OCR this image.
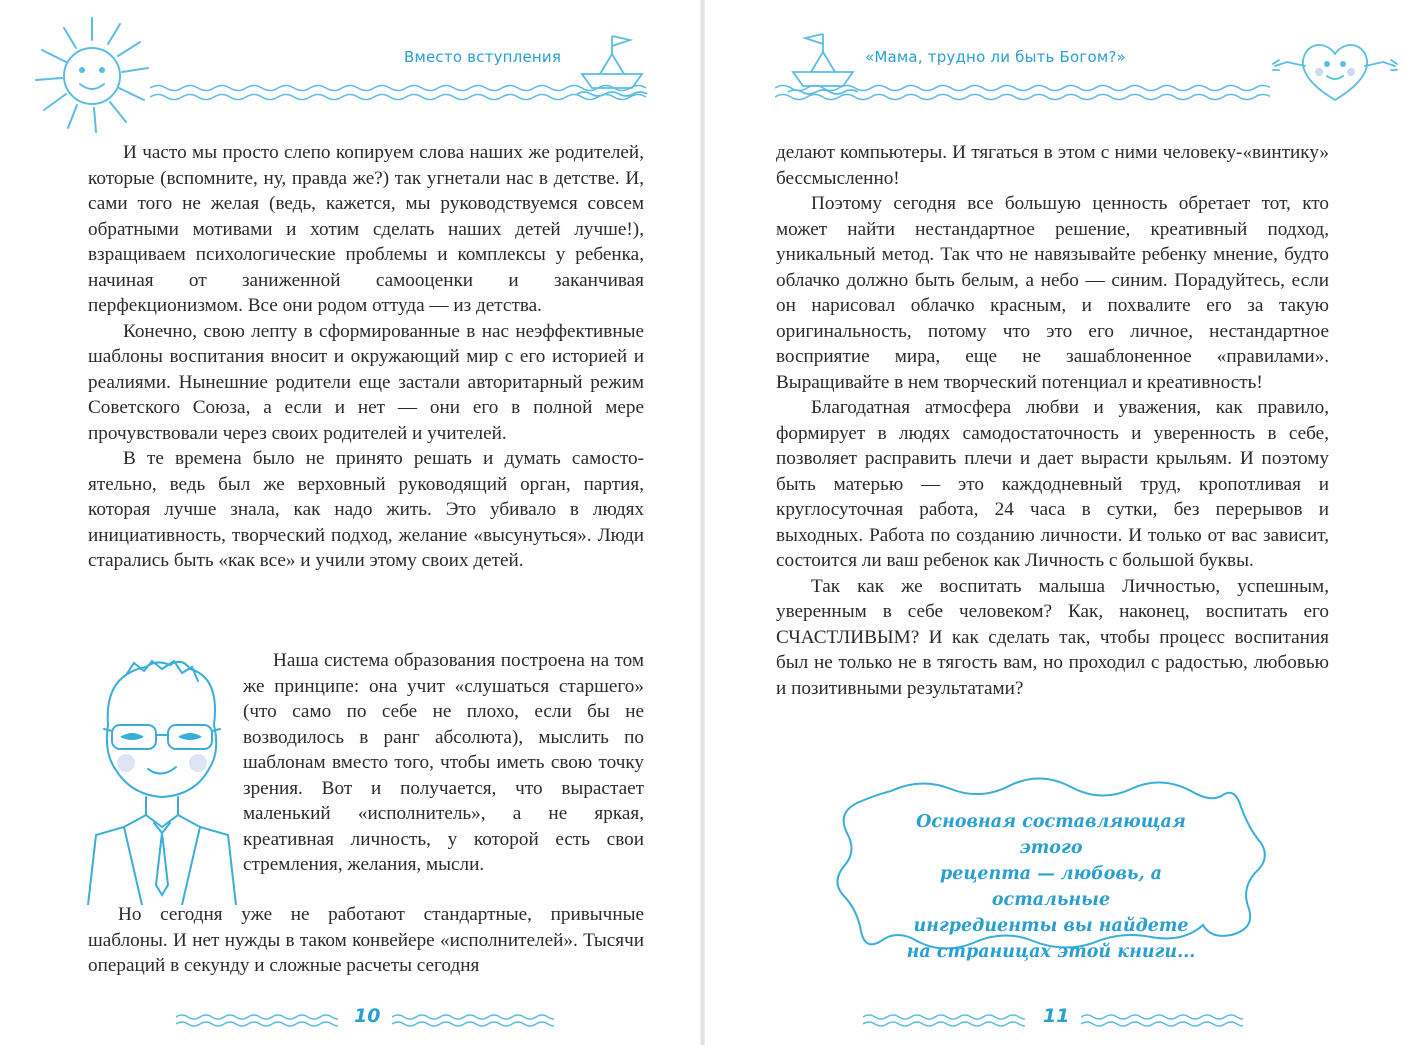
Вместо вступления

И часто мы просто слепо копируем слова наших же родителей, которые (вспомните, ну, правда же?) так угнетали нас в детстве. И, сами того не желая (ведь, кажется, мы руководствуемся совсем обратными мотивами и хотим сделать наших детей лучше!), взращиваем психологические проблемы и комплексы у ребенка, начиная от заниженной самооценки и заканчивая перфекционизмом. Все они родом оттуда — из детства.

Конечно, свою лепту в сформированные в нас неэффективные шаблоны воспитания вносит и окружающий мир с его историей и реалиями. Нынешние родители еще застали авторитарный режим Советского Союза, а если и нет — они его в полной мере прочувствовали через своих родителей и учителей.

В те времена было не принято решать и думать самостоятельно, ведь был же верховный руководящий орган, партия, которая лучше знала, как надо жить. Это убивало в людях инициативность, творческий подход, желание «высунуться». Люди старались быть «как все» и учили этому своих детей.

Наша система образования построена на том же принципе: она учит «слушаться старшего» (что само по себе не плохо, если бы не возводилось в ранг абсолюта), мыслить по шаблонам вместо того, чтобы иметь свою точку зрения. Вот и получается, что вырастает маленький «исполнитель», а не яркая, креативная личность, у которой есть свои стремления, желания, мысли.

Но сегодня уже не работают стандартные, привычные шаблоны. И нет нужды в таком конвейере «исполнителей». Тысячи операций в секунду и сложные расчеты сегодня

10
«Мама, трудно ли быть Богом?»

делают компьютеры. И тягаться в этом с ними человеку-«винтику» бессмысленно!

Поэтому сегодня все большую ценность обретает тот, кто может найти нестандартное решение, креативный подход, уникальный метод. Так что не навязывайте ребенку мнение, будто облачко должно быть белым, а небо — синим. Порадуйтесь, если он нарисовал облачко красным, и похвалите его за такую оригинальность, потому что это его личное, нестандартное восприятие мира, еще не зашаблоненное «правилами». Выращивайте в нем творческий потенциал и креативность!

Благодатная атмосфера любви и уважения, как правило, формирует в людях самодостаточность и уверенность в себе, позволяет расправить плечи и дает вырасти крыльям. И поэтому быть матерью — это каждодневный труд, кропотливая и круглосуточная работа, 24 часа в сутки, без перерывов и выходных. Работа по созданию личности. И только от вас зависит, состоится ли ваш ребенок как Личность с большой буквы.

Так как же воспитать малыша Личностью, успешным, уверенным в себе человеком? Как, наконец, воспитать его СЧАСТЛИВЫМ? И как сделать так, чтобы процесс воспитания был не только не в тягость вам, но проходил с радостью, любовью и позитивными результатами?

Основная составляющая этого
рецепта — любовь, а остальные
ингредиенты вы найдете
на страницах этой книги...
11
